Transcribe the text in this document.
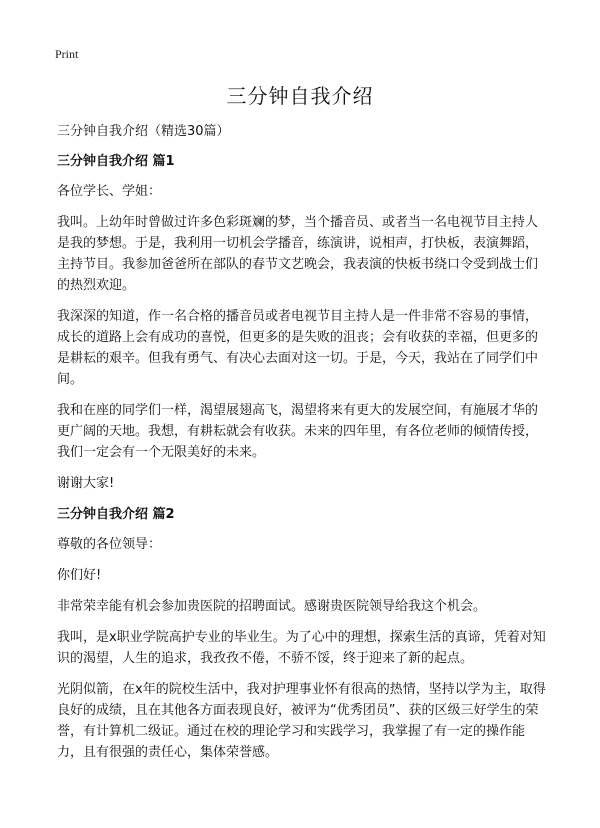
Print
三分钟自我介绍

三分钟自我介绍（精选30篇）

三分钟自我介绍 篇1

各位学长、学姐：

我叫。上幼年时曾做过许多色彩斑斓的梦，当个播音员、或者当一名电视节目主持人是我的梦想。于是，我利用一切机会学播音，练演讲，说相声，打快板，表演舞蹈，主持节目。我参加爸爸所在部队的春节文艺晚会，我表演的快板书绕口令受到战士们的热烈欢迎。

我深深的知道，作一名合格的播音员或者电视节目主持人是一件非常不容易的事情，成长的道路上会有成功的喜悦，但更多的是失败的沮丧；会有收获的幸福，但更多的是耕耘的艰辛。但我有勇气、有决心去面对这一切。于是，今天，我站在了同学们中间。

我和在座的同学们一样，渴望展翅高飞，渴望将来有更大的发展空间，有施展才华的更广阔的天地。我想，有耕耘就会有收获。未来的四年里，有各位老师的倾情传授，我们一定会有一个无限美好的未来。

谢谢大家!

三分钟自我介绍 篇2

尊敬的各位领导：

你们好!

非常荣幸能有机会参加贵医院的招聘面试。感谢贵医院领导给我这个机会。

我叫，是x职业学院高护专业的毕业生。为了心中的理想，探索生活的真谛，凭着对知识的渴望，人生的追求，我孜孜不倦，不骄不馁，终于迎来了新的起点。

光阴似箭，在x年的院校生活中，我对护理事业怀有很高的热情，坚持以学为主，取得良好的成绩，且在其他各方面表现良好，被评为“优秀团员”、获的区级三好学生的荣誉，有计算机二级证。通过在校的理论学习和实践学习，我掌握了有一定的操作能力，且有很强的责任心，集体荣誉感。
